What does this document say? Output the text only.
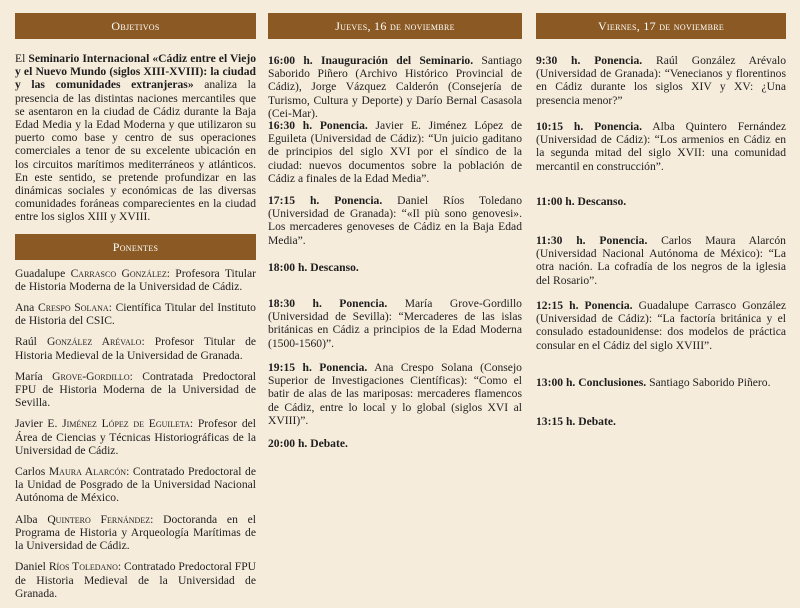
Objetivos

El Seminario Internacional «Cádiz entre el Viejo y el Nuevo Mundo (siglos XIII-XVIII): la ciudad y las comunidades extranjeras» analiza la presencia de las distintas naciones mercantiles que se asentaron en la ciudad de Cádiz durante la Baja Edad Media y la Edad Moderna y que utilizaron su puerto como base y centro de sus operaciones comerciales a tenor de su excelente ubicación en los circuitos marítimos mediterráneos y atlánticos. En este sentido, se pretende profundizar en las dinámicas sociales y económicas de las diversas comunidades foráneas comparecientes en la ciudad entre los siglos XIII y XVIII.

Ponentes

Guadalupe Carrasco González: Profesora Titular de Historia Moderna de la Universidad de Cádiz.

Ana Crespo Solana: Científica Titular del Instituto de Historia del CSIC.

Raúl González Arévalo: Profesor Titular de Historia Medieval de la Universidad de Granada.

María Grove-Gordillo: Contratada Predoctoral FPU de Historia Moderna de la Universidad de Sevilla.

Javier E. Jiménez López de Eguileta: Profesor del Área de Ciencias y Técnicas Historiográficas de la Universidad de Cádiz.

Carlos Maura Alarcón: Contratado Predoctoral de la Unidad de Posgrado de la Universidad Nacional Autónoma de México.

Alba Quintero Fernández: Doctoranda en el Programa de Historia y Arqueología Marítimas de la Universidad de Cádiz.

Daniel Ríos Toledano: Contratado Predoctoral FPU de Historia Medieval de la Universidad de Granada.

Jueves, 16 de noviembre
16:00 h. Inauguración del Seminario. Santiago Saborido Piñero (Archivo Histórico Provincial de Cádiz), Jorge Vázquez Calderón (Consejería de Turismo, Cultura y Deporte) y Darío Bernal Casasola (Cei-Mar).
16:30 h. Ponencia. Javier E. Jiménez López de Eguileta (Universidad de Cádiz): “Un juicio gaditano de principios del siglo XVI por el síndico de la ciudad: nuevos documentos sobre la población de Cádiz a finales de la Edad Media”.
17:15 h. Ponencia. Daniel Ríos Toledano (Universidad de Granada): “«Il più sono genovesi». Los mercaderes genoveses de Cádiz en la Baja Edad Media”.
18:00 h. Descanso.
18:30 h. Ponencia. María Grove-Gordillo (Universidad de Sevilla): “Mercaderes de las islas británicas en Cádiz a principios de la Edad Moderna (1500-1560)”.
19:15 h. Ponencia. Ana Crespo Solana (Consejo Superior de Investigaciones Científicas): “Como el batir de alas de las mariposas: mercaderes flamencos de Cádiz, entre lo local y lo global (siglos XVI al XVIII)”.
20:00 h. Debate.
Viernes, 17 de noviembre
9:30 h. Ponencia. Raúl González Arévalo (Universidad de Granada): “Venecianos y florentinos en Cádiz durante los siglos XIV y XV: ¿Una presencia menor?”
10:15 h. Ponencia. Alba Quintero Fernández (Universidad de Cádiz): “Los armenios en Cádiz en la segunda mitad del siglo XVII: una comunidad mercantil en construcción”.
11:00 h. Descanso.
11:30 h. Ponencia. Carlos Maura Alarcón (Universidad Nacional Autónoma de México): “La otra nación. La cofradía de los negros de la iglesia del Rosario”.
12:15 h. Ponencia. Guadalupe Carrasco González (Universidad de Cádiz): “La factoría británica y el consulado estadounidense: dos modelos de práctica consular en el Cádiz del siglo XVIII”.
13:00 h. Conclusiones. Santiago Saborido Piñero.
13:15 h. Debate.
